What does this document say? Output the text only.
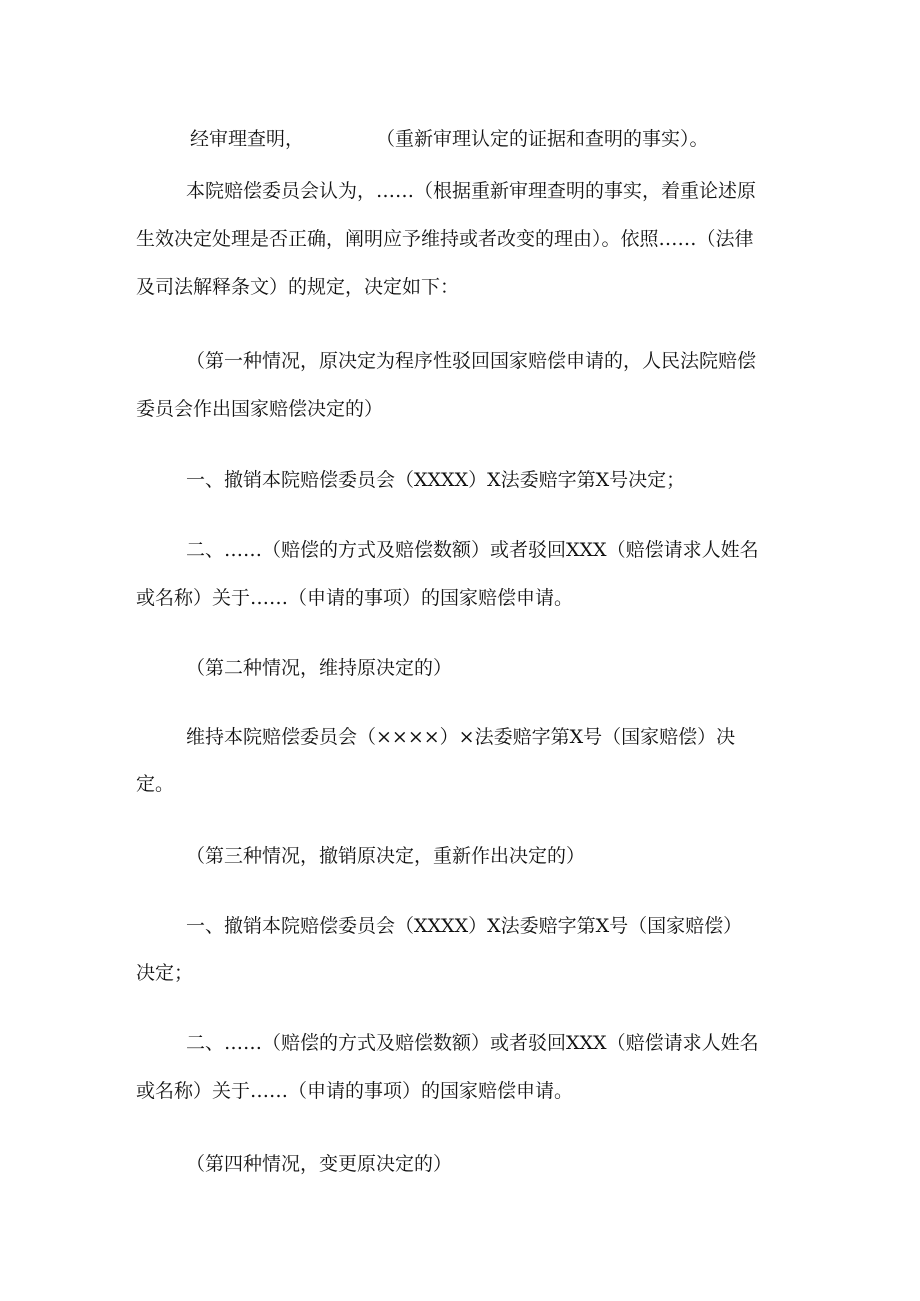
经审理查明，	（重新审理认定的证据和查明的事实）。
本院赔偿委员会认为，……（根据重新审理查明的事实，着重论述原
生效决定处理是否正确，阐明应予维持或者改变的理由）。依照……（法律
及司法解释条文）的规定，决定如下：
（第一种情况，原决定为程序性驳回国家赔偿申请的，人民法院赔偿
委员会作出国家赔偿决定的）
一、撤销本院赔偿委员会（XXXX）X法委赔字第X号决定；
二、……（赔偿的方式及赔偿数额）或者驳回XXX（赔偿请求人姓名
或名称）关于……（申请的事项）的国家赔偿申请。
（第二种情况，维持原决定的）
维持本院赔偿委员会（××××）×法委赔字第X号（国家赔偿）决
定。
（第三种情况，撤销原决定，重新作出决定的）
一、撤销本院赔偿委员会（XXXX）X法委赔字第X号（国家赔偿）
决定；
二、……（赔偿的方式及赔偿数额）或者驳回XXX（赔偿请求人姓名
或名称）关于……（申请的事项）的国家赔偿申请。
（第四种情况，变更原决定的）
